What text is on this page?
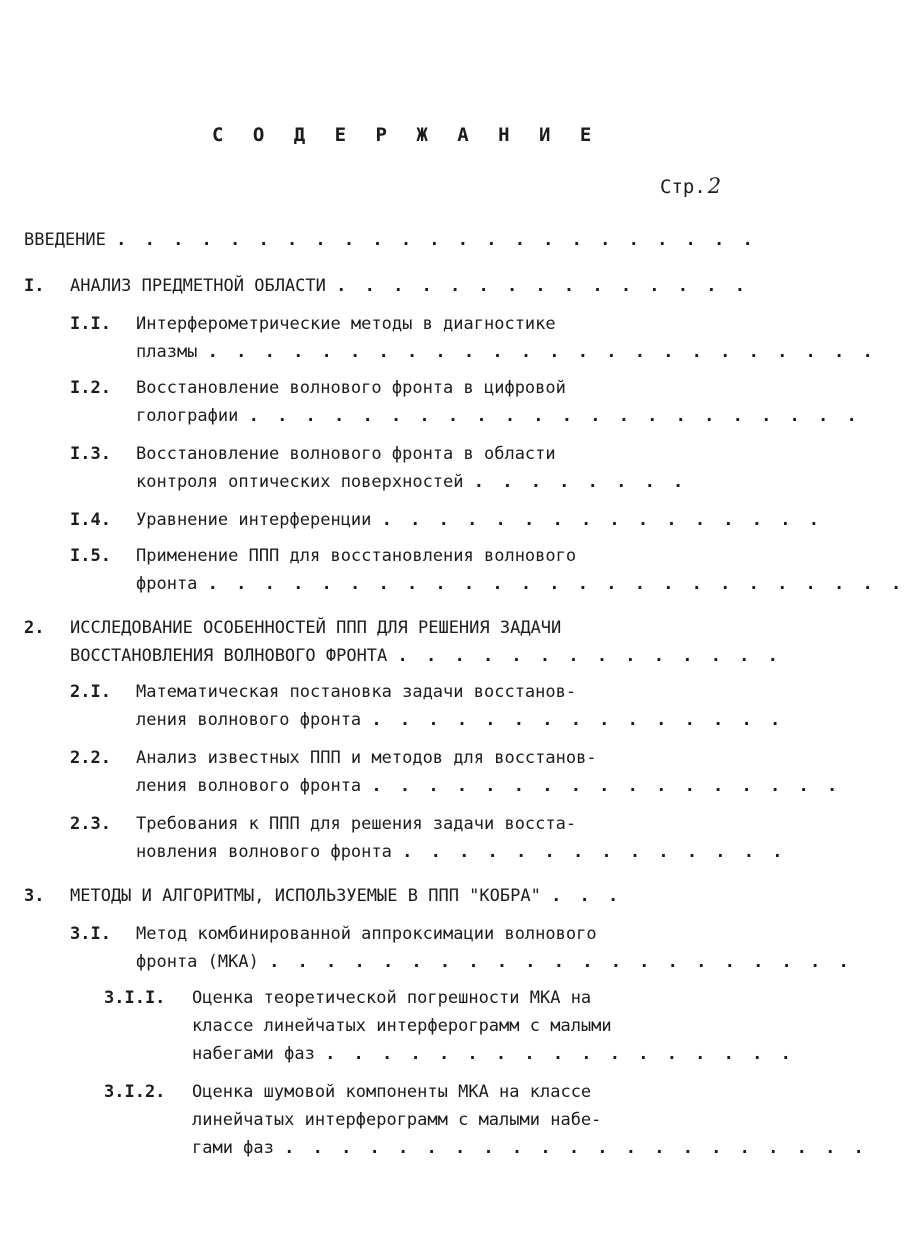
С О Д Е Р Ж А Н И Е
Стр.2
ВВЕДЕНИЕ . . . . . . . . . . . . . . . . . . . . . . .
I. АНАЛИЗ ПРЕДМЕТНОЙ ОБЛАСТИ . . . . . . . . . . . . . . .
I.I. Интерферометрические методы в диагностике
плазмы . . . . . . . . . . . . . . . . . . . . . . . .
I.2. Восстановление волнового фронта в цифровой
голографии . . . . . . . . . . . . . . . . . . . . . .
I.3. Восстановление волнового фронта в области
контроля оптических поверхностей . . . . . . . .
I.4. Уравнение интерференции . . . . . . . . . . . . . . . .
I.5. Применение ППП для восстановления волнового
фронта . . . . . . . . . . . . . . . . . . . . . . . . .
2. ИССЛЕДОВАНИЕ ОСОБЕННОСТЕЙ ППП ДЛЯ РЕШЕНИЯ ЗАДАЧИ
ВОССТАНОВЛЕНИЯ ВОЛНОВОГО ФРОНТА . . . . . . . . . . . . . .
2.I. Математическая постановка задачи восстанов-
ления волнового фронта . . . . . . . . . . . . . . .
2.2. Анализ известных ППП и методов для восстанов-
ления волнового фронта . . . . . . . . . . . . . . . . .
2.3. Требования к ППП для решения задачи восста-
новления волнового фронта . . . . . . . . . . . . . .
3. МЕТОДЫ И АЛГОРИТМЫ, ИСПОЛЬЗУЕМЫЕ В ППП "КОБРА" . . .
3.I. Метод комбинированной аппроксимации волнового
фронта (МКА) . . . . . . . . . . . . . . . . . . . . .
3.I.I. Оценка теоретической погрешности МКА на
классе линейчатых интерферограмм с малыми
набегами фаз . . . . . . . . . . . . . . . . .
3.I.2. Оценка шумовой компоненты МКА на классе
линейчатых интерферограмм с малыми набе-
гами фаз . . . . . . . . . . . . . . . . . . . . .
